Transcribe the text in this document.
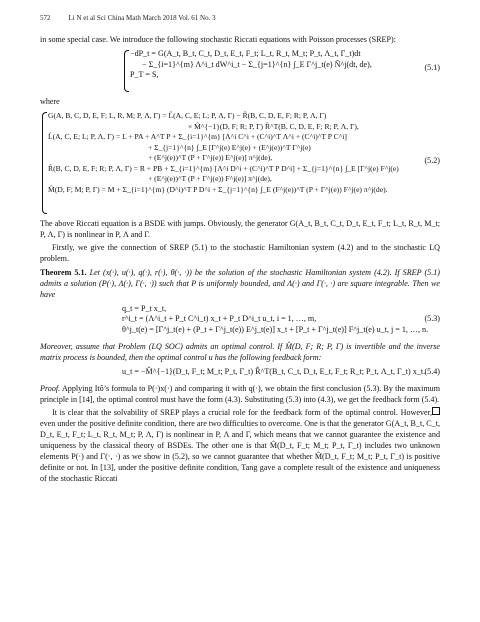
572	Li N et al Sci China Math March 2018 Vol. 61 No. 3

in some special case. We introduce the following stochastic Riccati equations with Poisson processes (SREP):

−dP_t = G(A_t, B_t, C_t, D_t, E_t, F_t; L_t, R_t, M_t; P_t, Λ_t, Γ_t)dt
− Σ_{i=1}^{m} Λ^i_t dW^i_t − Σ_{j=1}^{n} ∫_E Γ^j_t(e) Ñ^j(dt, de),
P_T = S,
(5.1)

where

G(A, B, C, D, E, F; L, R, M; P, Λ, Γ) = L̂(A, C, E; L; P, Λ, Γ) − R̂(B, C, D, E, F; R; P, Λ, Γ)
× M̂^{−1}(D, F; R; P, Γ) R̂^T(B, C, D, E, F; R; P, Λ, Γ),
L̂(A, C, E; L; P, Λ, Γ) = L + PA + A^T P + Σ_{i=1}^{m} [Λ^i C^i + (C^i)^T Λ^i + (C^i)^T P C^i]
+ Σ_{j=1}^{n} ∫_E [Γ^j(e) E^j(e) + (E^j(e))^T Γ^j(e)
+ (E^j(e))^T (P + Γ^j(e)) E^j(e)] π^j(de),
R̂(B, C, D, E, F; R; P, Λ, Γ) = R + PB + Σ_{i=1}^{m} [Λ^i D^i + (C^i)^T P D^i] + Σ_{j=1}^{n} ∫_E [Γ^j(e) F^j(e)
+ (E^j(e))^T (P + Γ^j(e)) F^j(e)] π^j(de),
M̂(D, F; M; P, Γ) = M + Σ_{i=1}^{m} (D^i)^T P D^i + Σ_{j=1}^{n} ∫_E (F^j(e))^T (P + Γ^j(e)) F^j(e) π^j(de).
(5.2)

The above Riccati equation is a BSDE with jumps. Obviously, the generator G(A_t, B_t, C_t, D_t, E_t, F_t; L_t, R_t, M_t; P, Λ, Γ) is nonlinear in P, Λ and Γ.

Firstly, we give the connection of SREP (5.1) to the stochastic Hamiltonian system (4.2) and to the stochastic LQ problem.

Theorem 5.1. Let (x(·), u(·), q(·), r(·), θ(·, ·)) be the solution of the stochastic Hamiltonian system (4.2). If SREP (5.1) admits a solution (P(·), Λ(·), Γ(·, ·)) such that P is uniformly bounded, and Λ(·) and Γ(·, ·) are square integrable. Then we have

q_t = P_t x_t,
r^i_t = (Λ^i_t + P_t C^i_t) x_t + P_t D^i_t u_t, i = 1, …, m,
θ^j_t(e) = [Γ^j_t(e) + (P_t + Γ^j_t(e)) E^j_t(e)] x_t + [P_t + Γ^j_t(e)] F^j_t(e) u_t, j = 1, …, n.
(5.3)

Moreover, assume that Problem (LQ SOC) admits an optimal control. If M̂(D, F; R; P, Γ) is invertible and the inverse matrix process is bounded, then the optimal control u has the following feedback form:

u_t = −M̂^{−1}(D_t, F_t; M_t; P_t, Γ_t) R̂^T(B_t, C_t, D_t, E_t, F_t; R_t; P_t, Λ_t, Γ_t) x_t. (5.4)

Proof. Applying Itô’s formula to P(·)x(·) and comparing it with q(·), we obtain the first conclusion (5.3). By the maximum principle in [14], the optimal control must have the form (4.3). Substituting (5.3) into (4.3), we get the feedback form (5.4).

It is clear that the solvability of SREP plays a crucial role for the feedback form of the optimal control. However, even under the positive definite condition, there are two difficulties to overcome. One is that the generator G(A_t, B_t, C_t, D_t, E_t, F_t; L_t, R_t, M_t; P, Λ, Γ) is nonlinear in P, Λ and Γ, which means that we cannot guarantee the existence and uniqueness by the classical theory of BSDEs. The other one is that M̂(D_t, F_t; M_t; P_t, Γ_t) includes two unknown elements P(·) and Γ(·, ·) as we show in (5.2), so we cannot guarantee that whether M̂(D_t, F_t; M_t; P_t, Γ_t) is positive definite or not. In [13], under the positive definite condition, Tang gave a complete result of the existence and uniqueness of the stochastic Riccati
